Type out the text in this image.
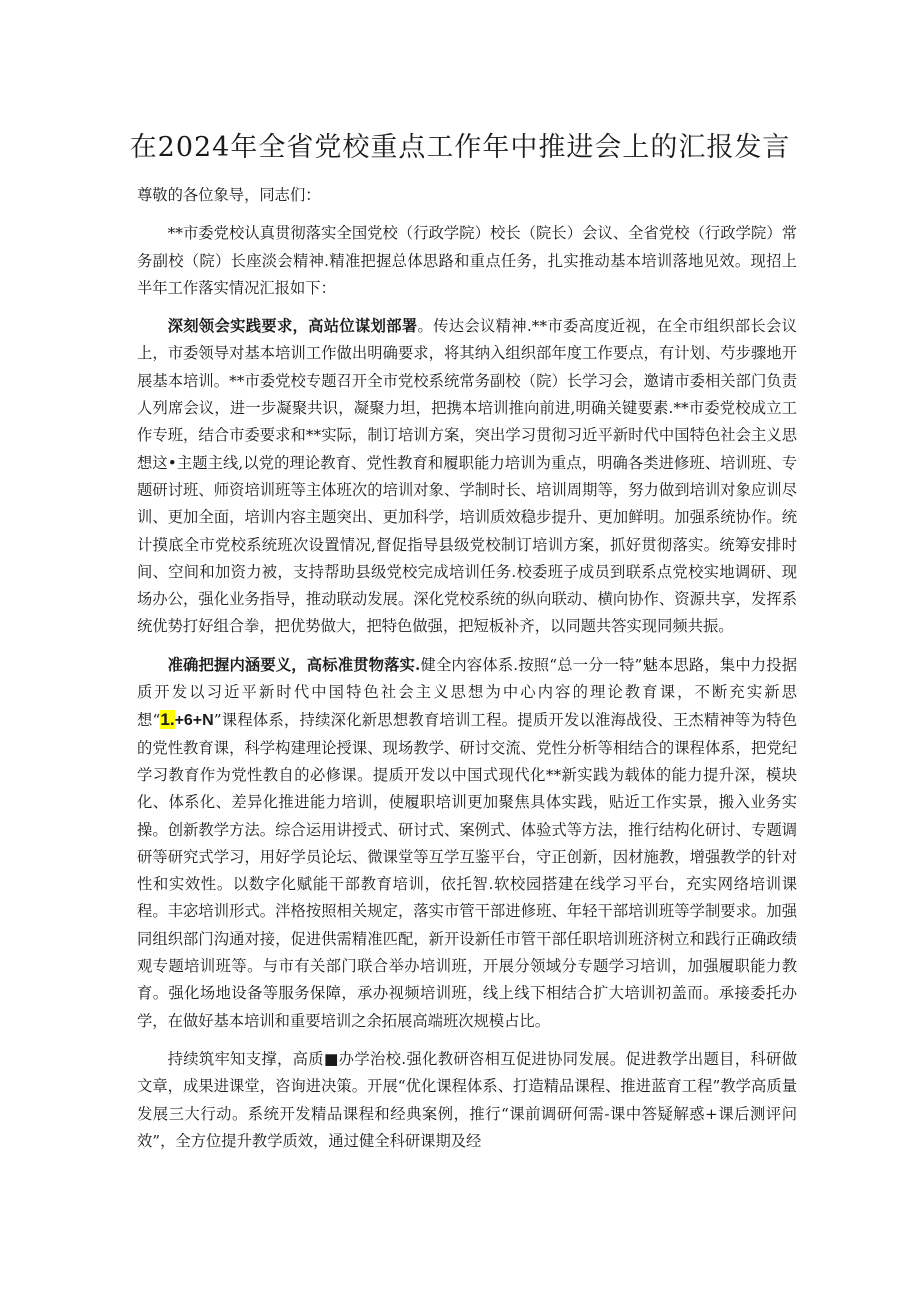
在2024年全省党校重点工作年中推进会上的汇报发言

尊敬的各位象导，同志们：

**市委党校认真贯彻落实全国党校（行政学院）校长（院长）会议、全省党校（行政学院）常务副校（院）长座淡会精神.精准把握总体思路和重点任务，扎实推动基本培训落地见效。现招上半年工作落实情况汇报如下：

深刻领会实践要求，高站位谋划部署。传达会议精神.**市委高度近视，在全市组织部长会议上，市委领导对基本培训工作做出明确要求，将其纳入组织部年度工作要点，有计划、芍步骤地开展基本培训。**市委党校专题召开全市党校系统常务副校（院）长学习会，邀请市委相关部门负责人列席会议，进一步凝聚共识，凝聚力坦，把携本培训推向前进,明确关键要素.**市委党校成立工作专班，结合市委要求和**实际，制订培训方案，突出学习贯彻习近平新时代中国特色社会主义思想这•主题主线,以党的理论教育、党性教育和履职能力培训为重点，明确各类进修班、培训班、专题研讨班、师资培训班等主体班次的培训对象、学制时长、培训周期等，努力做到培训对象应训尽训、更加全面，培训内容主题突出、更加科学，培训质效稳步提升、更加鲜明。加强系统协作。统计摸底全市党校系统班次设置情况,督促指导县级党校制订培训方案，抓好贯彻落实。统筹安排时间、空间和加资力被，支持帮助县级党校完成培训任务.校委班子成员到联系点党校实地调研、现场办公，强化业务指导，推动联动发展。深化党校系统的纵向联动、横向协作、资源共享，发挥系统优势打好组合拳，把优势做大，把特色做强，把短板补齐，以同题共答实现同频共振。

准确把握内涵要义，高标准贯物落实.健全内容体系.按照“总一分一特”魅本思路，集中力投据质开发以习近平新时代中国特色社会主义思想为中心内容的理论教育课，不断充实新思想“1.+6+N”课程体系，持续深化新思想教育培训工程。提质开发以淮海战役、王杰精神等为特色的党性教育课，科学构建理论授课、现场教学、研讨交流、党性分析等相结合的课程体系，把党纪学习教育作为党性教自的必修课。提质开发以中国式现代化**新实践为载体的能力提升深，模块化、体系化、差异化推进能力培训，使履职培训更加聚焦具体实践，贴近工作实景，搬入业务实操。创新教学方法。综合运用讲授式、研讨式、案例式、体验式等方法，推行结构化研讨、专题调研等研究式学习，用好学员论坛、微课堂等互学互鉴平台，守正创新，因材施教，增强教学的针对性和实效性。以数字化赋能干部教育培训，依托智.软校园搭建在线学习平台，充实网络培训课程。丰宓培训形式。泮格按照相关规定，落实市管干部进修班、年轻干部培训班等学制要求。加强同组织部门沟通对接，促进供需精准匹配，新开设新任市管干部任职培训班济树立和践行正确政绩观专题培训班等。与市有关部门联合举办培训班，开展分领域分专题学习培训，加强履职能力教育。强化场地设备等服务保障，承办视频培训班，线上线下相结合扩大培训初盖而。承接委托办学，在做好基本培训和重要培训之余拓展高端班次规模占比。

持续筑牢知支撑，高质■办学治校.强化教研咨相互促进协同发展。促进教学出题目，科研做文章，成果进课堂，咨询进决策。开展“优化课程体系、打造精品课程、推进蓝育工程”教学高质量发展三大行动。系统开发精品课程和经典案例，推行“课前调研何需-课中答疑解惑+课后测评问效”，全方位提升教学质效，通过健全科研课期及经
